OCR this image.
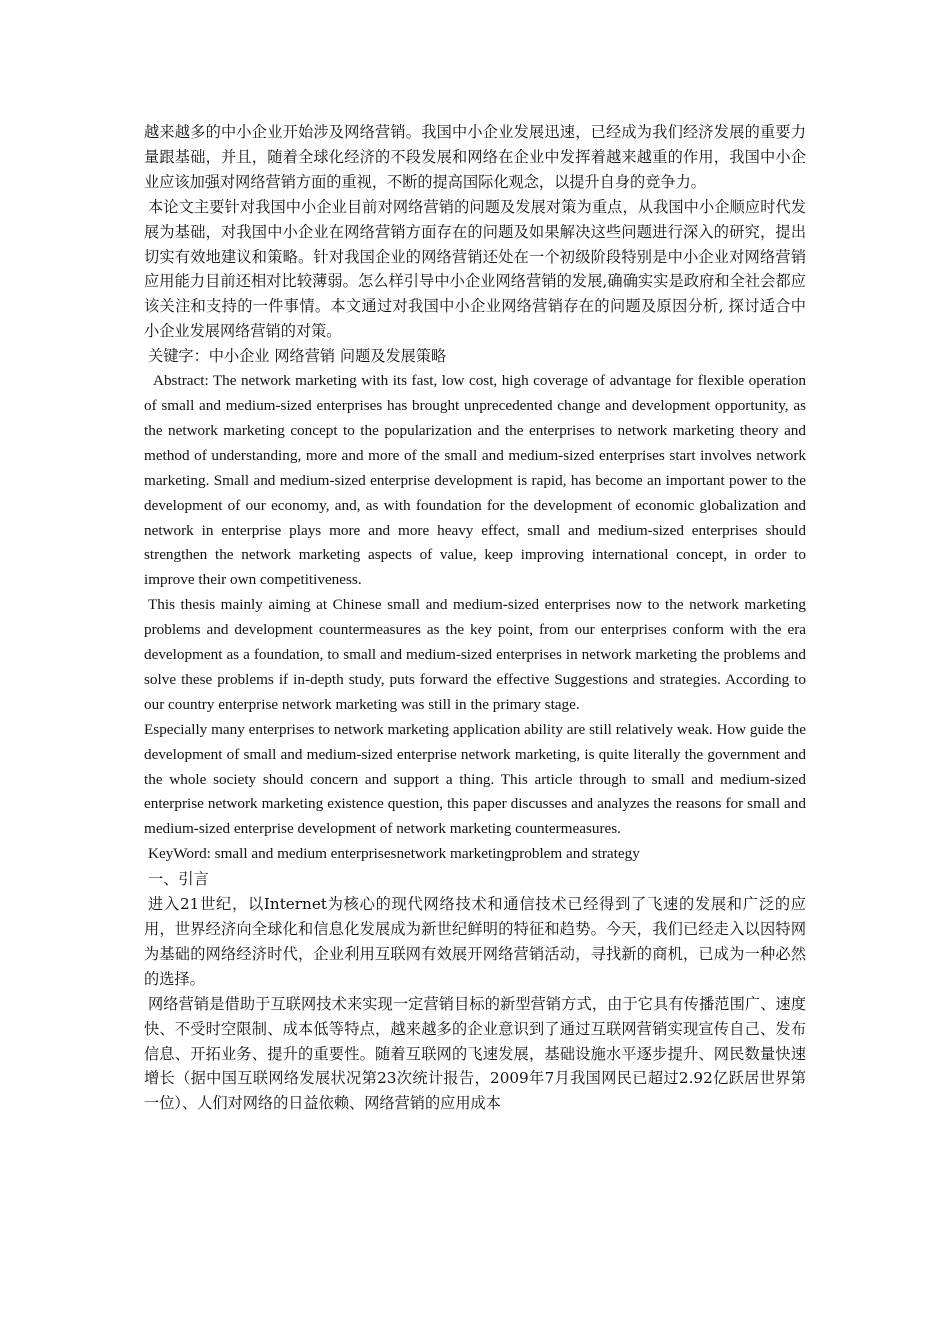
越来越多的中小企业开始涉及网络营销。我国中小企业发展迅速，已经成为我们经济发展的重要力量跟基础，并且，随着全球化经济的不段发展和网络在企业中发挥着越来越重的作用，我国中小企业应该加强对网络营销方面的重视，不断的提高国际化观念，以提升自身的竞争力。

本论文主要针对我国中小企业目前对网络营销的问题及发展对策为重点，从我国中小企顺应时代发展为基础，对我国中小企业在网络营销方面存在的问题及如果解决这些问题进行深入的研究，提出切实有效地建议和策略。针对我国企业的网络营销还处在一个初级阶段特别是中小企业对网络营销应用能力目前还相对比较薄弱。怎么样引导中小企业网络营销的发展,确确实实是政府和全社会都应该关注和支持的一件事情。本文通过对我国中小企业网络营销存在的问题及原因分析, 探讨适合中小企业发展网络营销的对策。

关键字：中小企业 网络营销 问题及发展策略

Abstract: The network marketing with its fast, low cost, high coverage of advantage for flexible operation of small and medium-sized enterprises has brought unprecedented change and development opportunity, as the network marketing concept to the popularization and the enterprises to network marketing theory and method of understanding, more and more of the small and medium-sized enterprises start involves network marketing. Small and medium-sized enterprise development is rapid, has become an important power to the development of our economy, and, as with foundation for the development of economic globalization and network in enterprise plays more and more heavy effect, small and medium-sized enterprises should strengthen the network marketing aspects of value, keep improving international concept, in order to improve their own competitiveness.

This thesis mainly aiming at Chinese small and medium-sized enterprises now to the network marketing problems and development countermeasures as the key point, from our enterprises conform with the era development as a foundation, to small and medium-sized enterprises in network marketing the problems and solve these problems if in-depth study, puts forward the effective Suggestions and strategies. According to our country enterprise network marketing was still in the primary stage.

Especially many enterprises to network marketing application ability are still relatively weak. How guide the development of small and medium-sized enterprise network marketing, is quite literally the government and the whole society should concern and support a thing. This article through to small and medium-sized enterprise network marketing existence question, this paper discusses and analyzes the reasons for small and medium-sized enterprise development of network marketing countermeasures.

KeyWord: small and medium enterprisesnetwork marketingproblem and strategy

一、引言

进入21世纪，以Internet为核心的现代网络技术和通信技术已经得到了飞速的发展和广泛的应用，世界经济向全球化和信息化发展成为新世纪鲜明的特征和趋势。今天，我们已经走入以因特网为基础的网络经济时代，企业利用互联网有效展开网络营销活动，寻找新的商机，已成为一种必然的选择。

网络营销是借助于互联网技术来实现一定营销目标的新型营销方式，由于它具有传播范围广、速度快、不受时空限制、成本低等特点，越来越多的企业意识到了通过互联网营销实现宣传自己、发布信息、开拓业务、提升的重要性。随着互联网的飞速发展，基础设施水平逐步提升、网民数量快速增长（据中国互联网络发展状况第23次统计报告，2009年7月我国网民已超过2.92亿跃居世界第一位）、人们对网络的日益依赖、网络营销的应用成本
